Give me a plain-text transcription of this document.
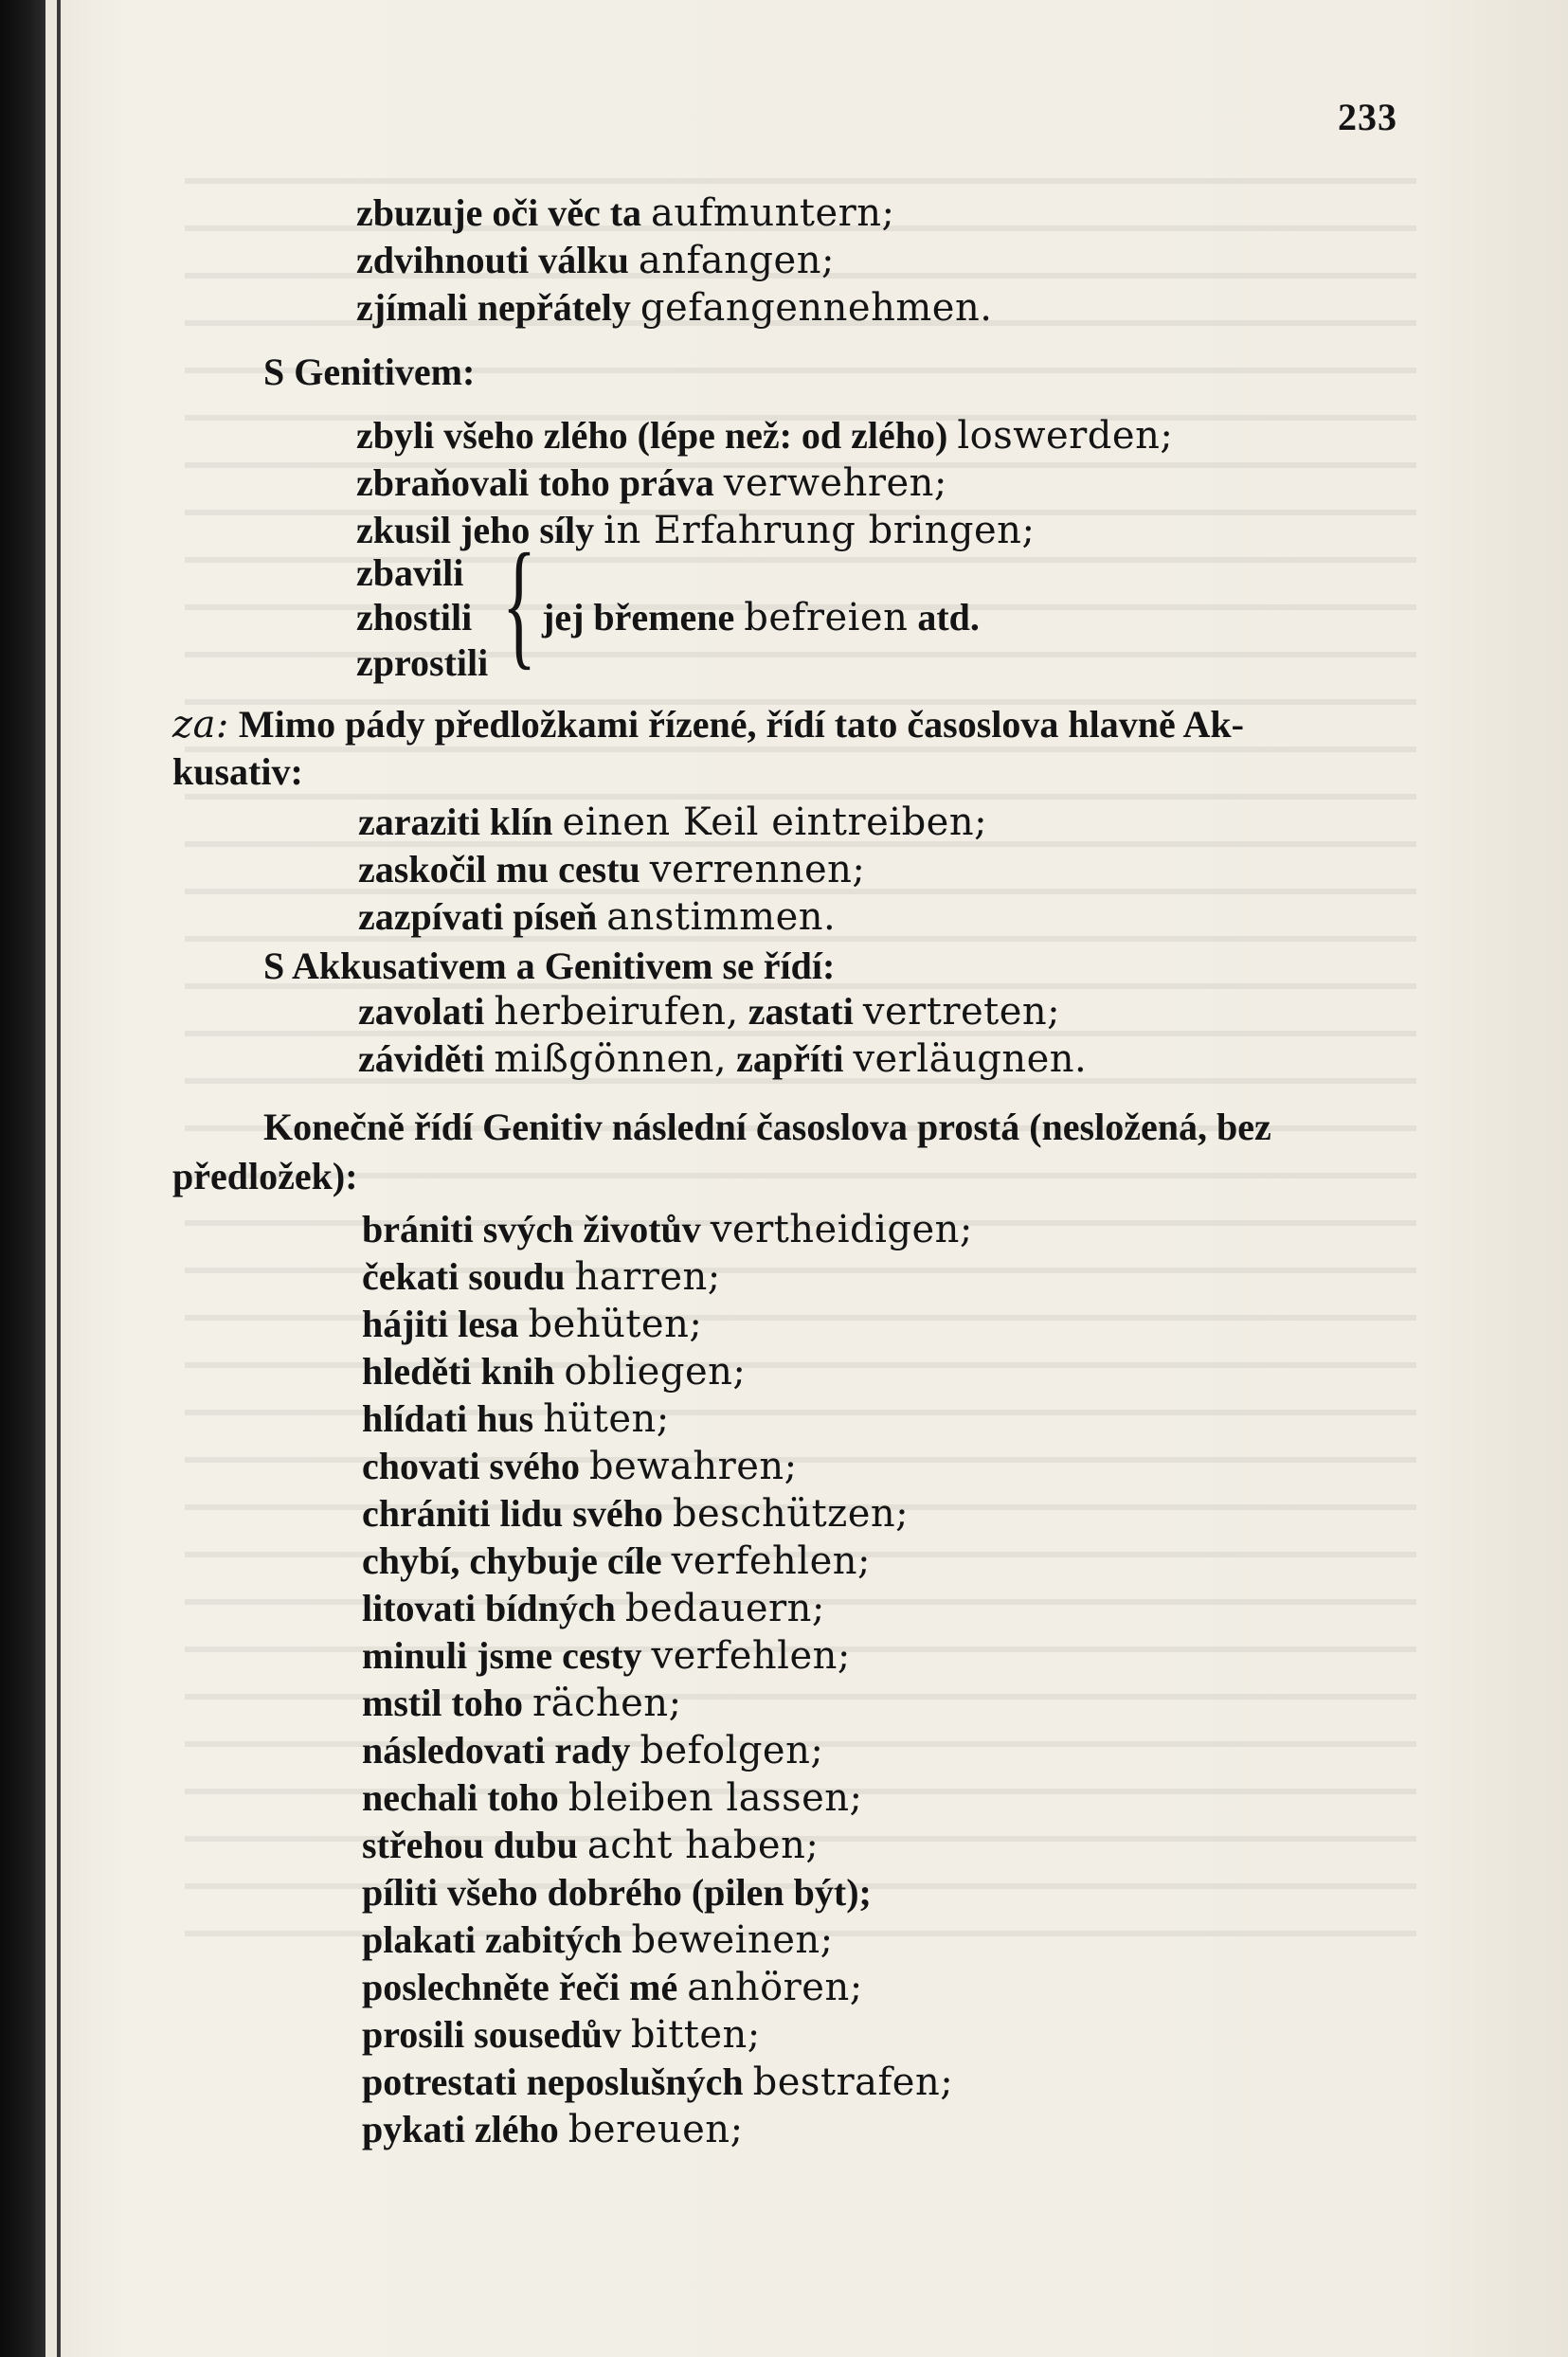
233
zbuzuje oči věc ta aufmuntern;
zdvihnouti válku anfangen;
zjímali nepřátely gefangennehmen.
S Genitivem:
zbyli všeho zlého (lépe než: od zlého) loswerden;
zbraňovali toho práva verwehren;
zkusil jeho síly in Erfahrung bringen;
zbavili
zhostili
zprostili { jej břemene befreien atd.
za: Mimo pády předložkami řízené, řídí tato časoslova hlavně Ak-
kusativ:
zaraziti klín einen Keil eintreiben;
zaskočil mu cestu verrennen;
zazpívati píseň anstimmen.
S Akkusativem a Genitivem se řídí:
zavolati herbeirufen, zastati vertreten;
záviděti mißgönnen, zapříti verläugnen.
Konečně řídí Genitiv následní časoslova prostá (nesložená, bez
předložek):
brániti svých životův vertheidigen;
čekati soudu harren;
hájiti lesa behüten;
hleděti knih obliegen;
hlídati hus hüten;
chovati svého bewahren;
chrániti lidu svého beschützen;
chybí, chybuje cíle verfehlen;
litovati bídných bedauern;
minuli jsme cesty verfehlen;
mstil toho rächen;
následovati rady befolgen;
nechali toho bleiben lassen;
střehou dubu acht haben;
píliti všeho dobrého (pilen být);
plakati zabitých beweinen;
poslechněte řeči mé anhören;
prosili sousedův bitten;
potrestati neposlušných bestrafen;
pykati zlého bereuen;
